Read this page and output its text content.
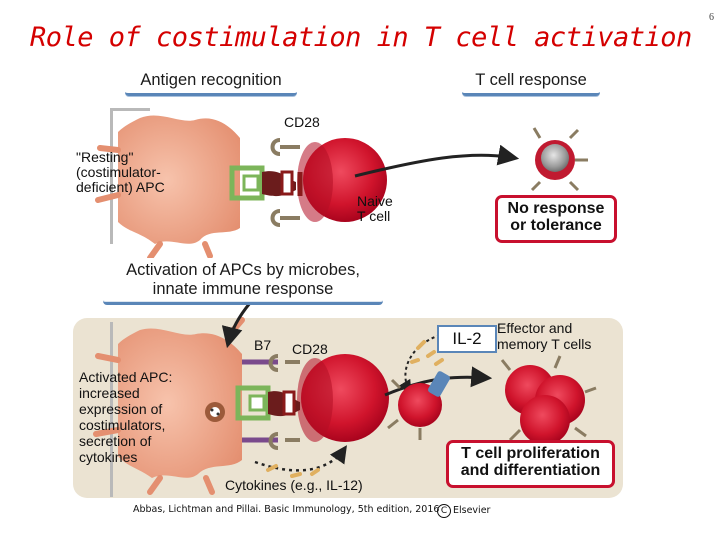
Role of costimulation in T cell activation
6
Antigen recognition	T cell response
CD28
"Resting"
(costimulator-
deficient) APC
Naive
T cell	No response
or tolerance
Activation of APCs by microbes,
innate immune response
B7 CD28
IL-2
Effector and
memory T cells
Activated APC:
increased
expression of
costimulators,
secretion of
cytokines	T cell proliferation
and differentiation
Cytokines (e.g., IL-12)
Abbas, Lichtman and Pillai. Basic Immunology, 5th edition, 2016 C Elsevier
